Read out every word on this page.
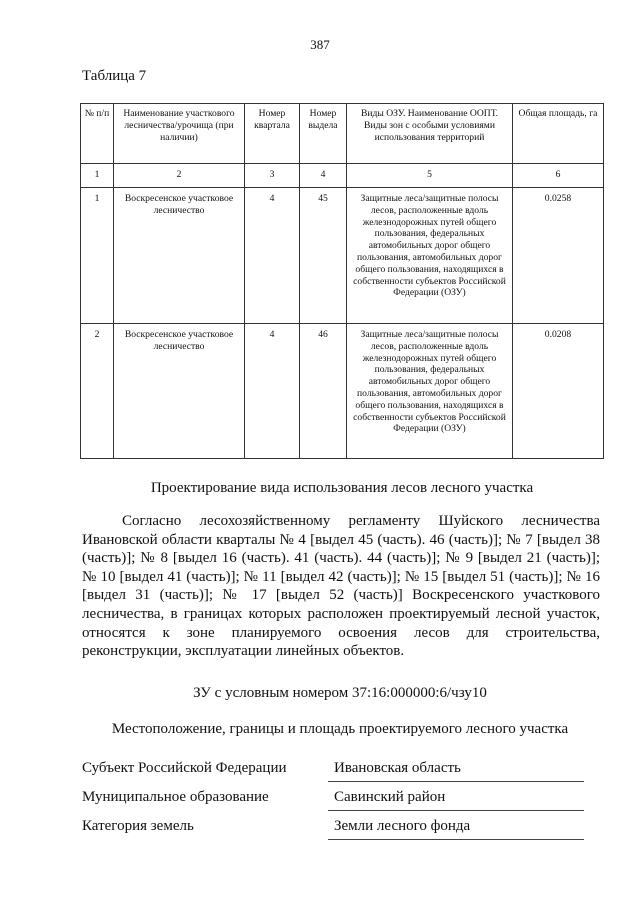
387
Таблица 7
№ п/п	Наименование участкового лесничества/урочища (при наличии)	Номер квартала	Номер выдела	Виды ОЗУ. Наименование ООПТ. Виды зон с особыми условиями использования территорий	Общая площадь, га
1	2	3	4	5	6
1	Воскресенское участковое лесничество	4	45	Защитные леса/защитные полосы лесов, расположенные вдоль железнодорожных путей общего пользования, федеральных автомобильных дорог общего пользования, автомобильных дорог общего пользования, находящихся в собственности субъектов Российской Федерации (ОЗУ)	0.0258
2	Воскресенское участковое лесничество	4	46	Защитные леса/защитные полосы лесов, расположенные вдоль железнодорожных путей общего пользования, федеральных автомобильных дорог общего пользования, автомобильных дорог общего пользования, находящихся в собственности субъектов Российской Федерации (ОЗУ)	0.0208
Проектирование вида использования лесов лесного участка
Согласно лесохозяйственному регламенту Шуйского лесничества Ивановской области кварталы № 4 [выдел 45 (часть). 46 (часть)]; № 7 [выдел 38 (часть)]; № 8 [выдел 16 (часть). 41 (часть). 44 (часть)]; № 9 [выдел 21 (часть)]; № 10 [выдел 41 (часть)]; № 11 [выдел 42 (часть)]; № 15 [выдел 51 (часть)]; № 16 [выдел 31 (часть)]; № 17 [выдел 52 (часть)] Воскресенского участкового лесничества, в границах которых расположен проектируемый лесной участок, относятся к зоне планируемого освоения лесов для строительства, реконструкции, эксплуатации линейных объектов.
ЗУ с условным номером 37:16:000000:6/чзу10
Местоположение, границы и площадь проектируемого лесного участка
Субъект Российской Федерации	Ивановская область
Муниципальное образование	Савинский район
Категория земель	Земли лесного фонда
